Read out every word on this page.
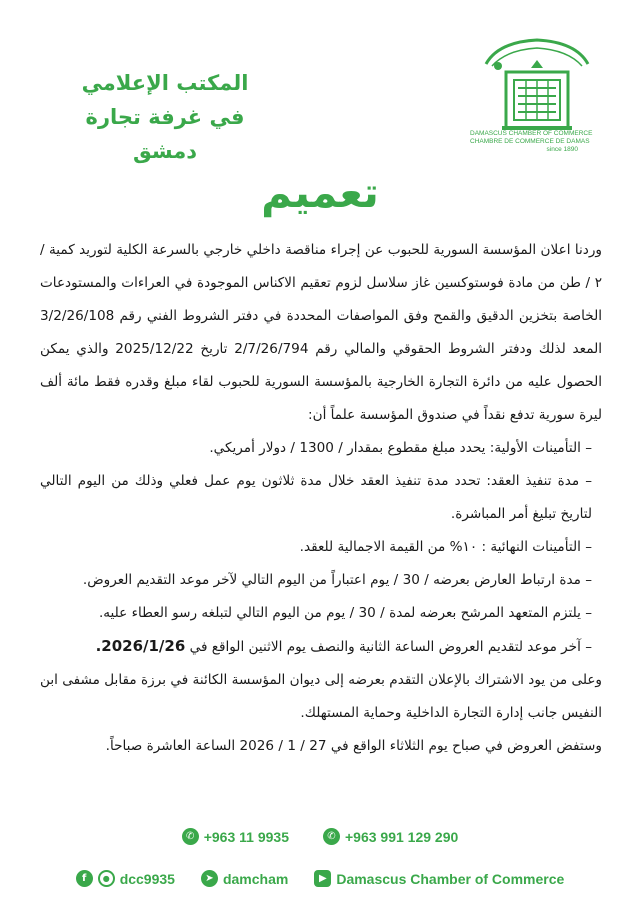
المكتب الإعلامي
في غرفة تجارة دمشق
DAMASCUS CHAMBER OF COMMERCE
CHAMBRE DE COMMERCE DE DAMAS

since 1890
تعميم

وردنا اعلان المؤسسة السورية للحبوب عن إجراء مناقصة داخلي خارجي بالسرعة الكلية لتوريد كمية / ٢ / طن من مادة فوستوكسين غاز سلاسل لزوم تعقيم الاكناس الموجودة في العراءات والمستودعات الخاصة بتخزين الدقيق والقمح وفق المواصفات المحددة في دفتر الشروط الفني رقم 3/2/26/108 المعد لذلك ودفتر الشروط الحقوقي والمالي رقم 2/7/26/794 تاريخ 2025/12/22 والذي يمكن الحصول عليه من دائرة التجارة الخارجية بالمؤسسة السورية للحبوب لقاء مبلغ وقدره فقط مائة ألف ليرة سورية تدفع نقداً في صندوق المؤسسة علماً أن:

– التأمينات الأولية: يحدد مبلغ مقطوع بمقدار / 1300 / دولار أمريكي.

– مدة تنفيذ العقد: تحدد مدة تنفيذ العقد خلال مدة ثلاثون يوم عمل فعلي وذلك من اليوم التالي لتاريخ تبليغ أمر المباشرة.

– التأمينات النهائية : ١٠% من القيمة الاجمالية للعقد.

– مدة ارتباط العارض بعرضه / 30 / يوم اعتباراً من اليوم التالي لآخر موعد التقديم العروض.

– يلتزم المتعهد المرشح بعرضه لمدة / 30 / يوم من اليوم التالي لتبلغه رسو العطاء عليه.

– آخر موعد لتقديم العروض الساعة الثانية والنصف يوم الاثنين الواقع في 2026/1/26.

وعلى من يود الاشتراك بالإعلان التقدم بعرضه إلى ديوان المؤسسة الكائنة في برزة مقابل مشفى ابن النفيس جانب إدارة التجارة الداخلية وحماية المستهلك.

وستفض العروض في صباح يوم الثلاثاء الواقع في 27 / 1 / 2026 الساعة العاشرة صباحاً.

✆ +963 11 9935	✆ +963 991 129 290
f	● dcc9935	➤ damcham	▶ Damascus Chamber of Commerce
